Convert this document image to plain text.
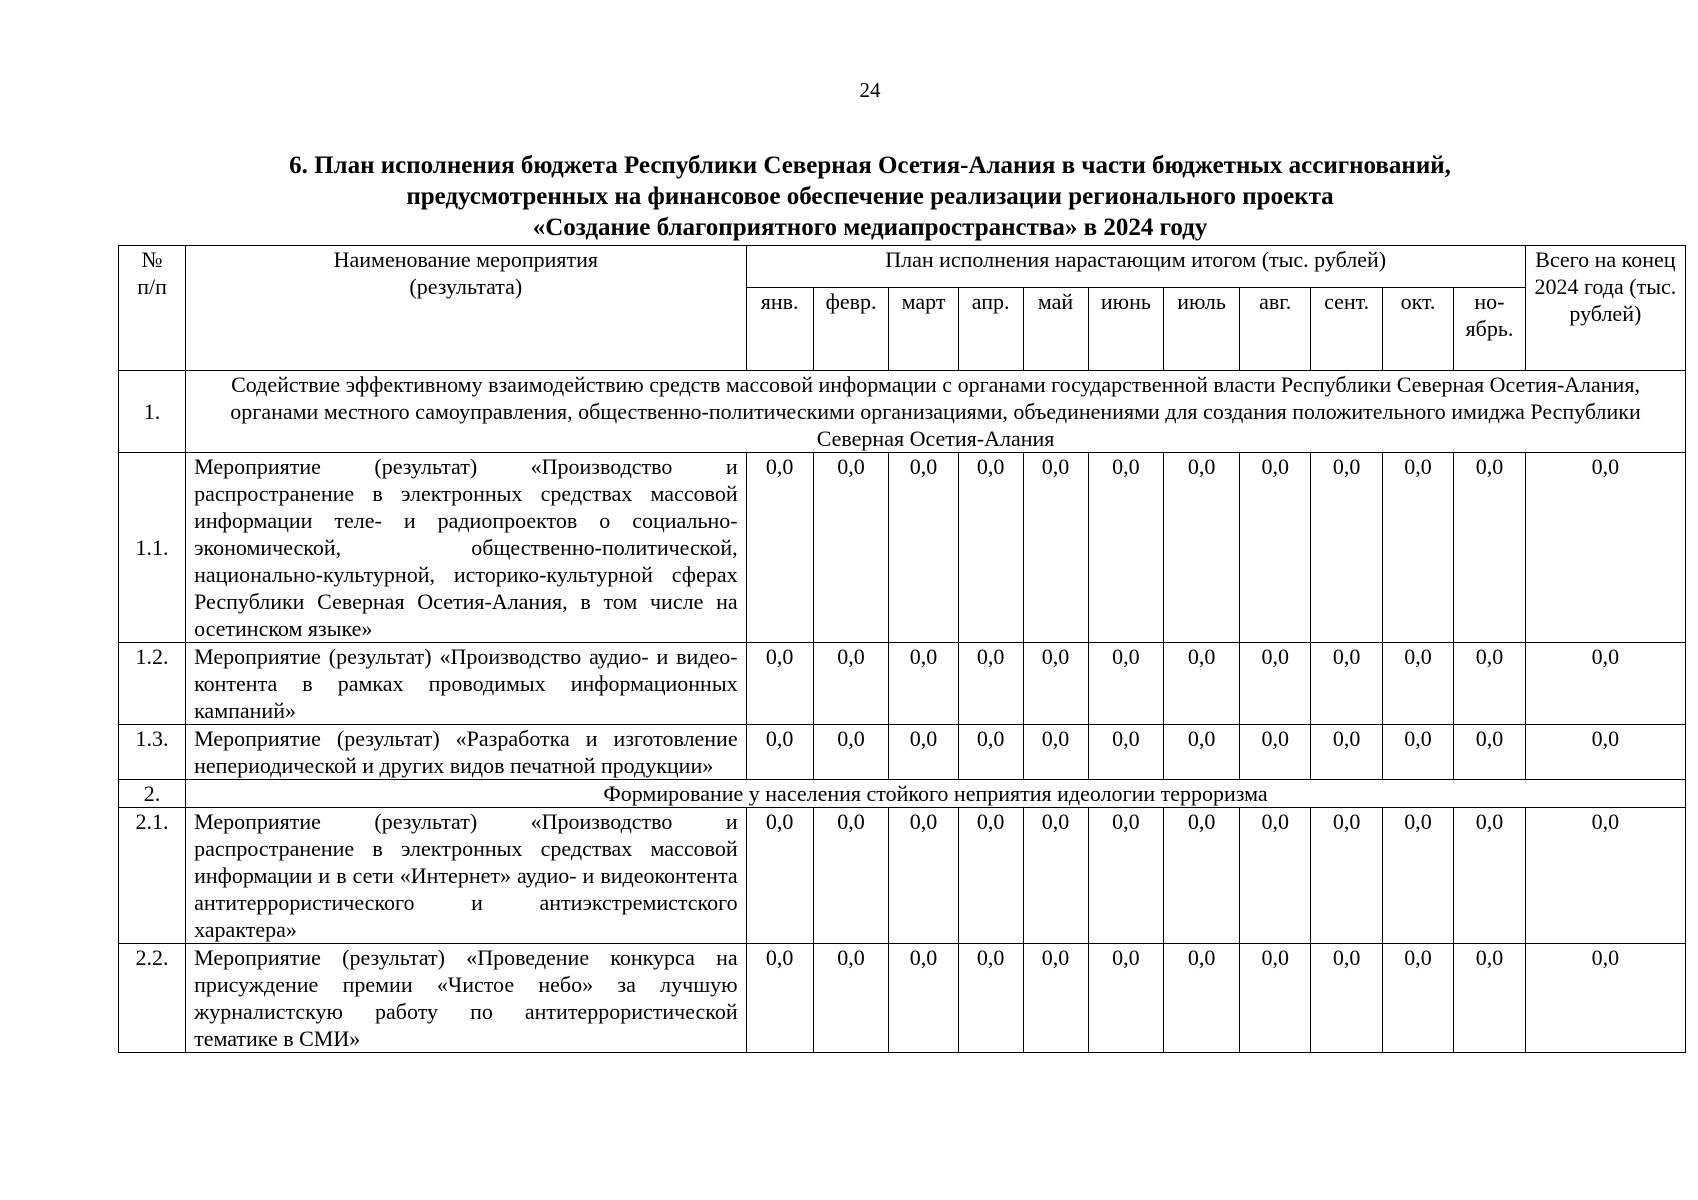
24
6. План исполнения бюджета Республики Северная Осетия-Алания в части бюджетных ассигнований,
предусмотренных на финансовое обеспечение реализации регионального проекта
«Создание благоприятного медиапространства» в 2024 году
№ п/п	Наименование мероприятия (результата)	План исполнения нарастающим итогом (тыс. рублей)											Всего на конец 2024 года (тыс. рублей)
		янв.	февр.	март	апр.	май	июнь	июль	авг.	сент.	окт.	но-ябрь.	
1.	Содействие эффективному взаимодействию средств массовой информации с органами государственной власти Республики Северная Осетия-Алания, органами местного самоуправления, общественно-политическими организациями, объединениями для создания положительного имиджа Республики Северная Осетия-Алания												
1.1.	Мероприятие (результат) «Производство и распространение в электронных средствах массовой информации теле- и радиопроектов о социально-экономической, общественно-политической, национально-культурной, историко-культурной сферах Республики Северная Осетия-Алания, в том числе на осетинском языке»	0,0	0,0	0,0	0,0	0,0	0,0	0,0	0,0	0,0	0,0	0,0	0,0
1.2.	Мероприятие (результат) «Производство аудио- и видео-контента в рамках проводимых информационных кампаний»	0,0	0,0	0,0	0,0	0,0	0,0	0,0	0,0	0,0	0,0	0,0	0,0
1.3.	Мероприятие (результат) «Разработка и изготовление непериодической и других видов печатной продукции»	0,0	0,0	0,0	0,0	0,0	0,0	0,0	0,0	0,0	0,0	0,0	0,0
2.	Формирование у населения стойкого неприятия идеологии терроризма												
2.1.	Мероприятие (результат) «Производство и распространение в электронных средствах массовой информации и в сети «Интернет» аудио- и видеоконтента антитеррористического и антиэкстремистского характера»	0,0	0,0	0,0	0,0	0,0	0,0	0,0	0,0	0,0	0,0	0,0	0,0
2.2.	Мероприятие (результат) «Проведение конкурса на присуждение премии «Чистое небо» за лучшую журналистскую работу по антитеррористической тематике в СМИ»	0,0	0,0	0,0	0,0	0,0	0,0	0,0	0,0	0,0	0,0	0,0	0,0
